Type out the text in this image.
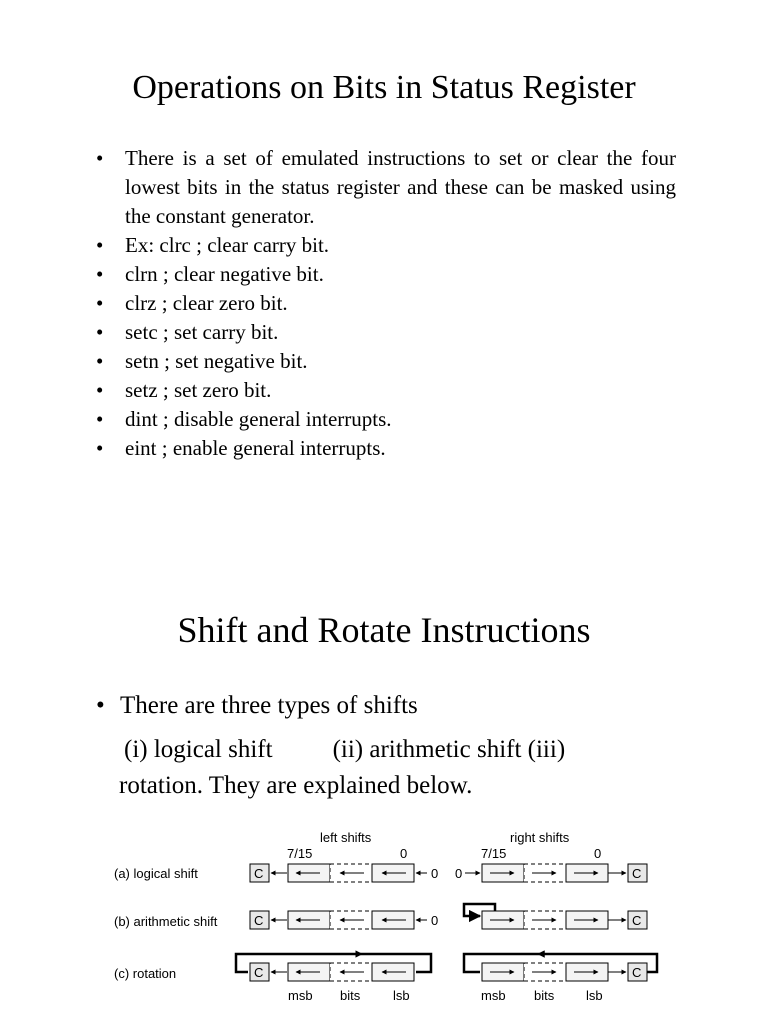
Operations on Bits in Status Register
• There is a set of emulated instructions to set or clear the four lowest bits in the status register and these can be masked using the constant generator.
• Ex: clrc ; clear carry bit.
• clrn ; clear negative bit.
• clrz ; clear zero bit.
• setc ; set carry bit.
• setn ; set negative bit.
• setz ; set zero bit.
• dint ; disable general interrupts.
• eint ; enable general interrupts.
Shift and Rotate Instructions
• There are three types of shifts
(i) logical shift (ii) arithmetic shift (iii)
rotation. They are explained below.
left shifts	right shifts
7/15	0	7/15	0
(a) logical shift
(b) arithmetic shift
(c) rotation
C	0 0	C
C	0	C
C	C
msb bits	lsb	msb bits lsb
